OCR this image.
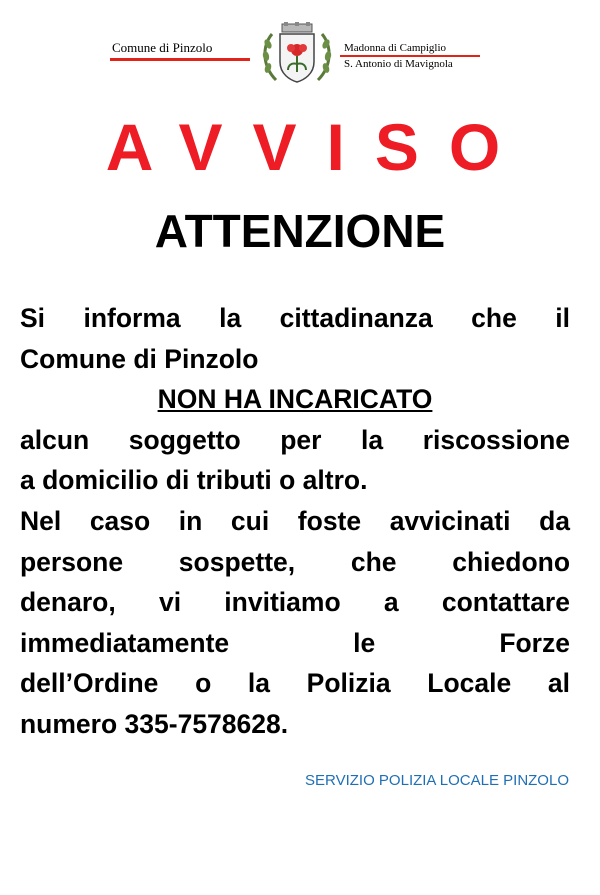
Comune di Pinzolo	Madonna di Campiglio
S. Antonio di Mavignola
AVVISO
ATTENZIONE
Si informa la cittadinanza che il
Comune di Pinzolo
NON HA INCARICATO
alcun soggetto per la riscossione
a domicilio di tributi o altro.
Nel caso in cui foste avvicinati da
persone sospette, che chiedono
denaro, vi invitiamo a contattare
immediatamente le Forze
dell’Ordine o la Polizia Locale al
numero 335-7578628.
SERVIZIO POLIZIA LOCALE PINZOLO
